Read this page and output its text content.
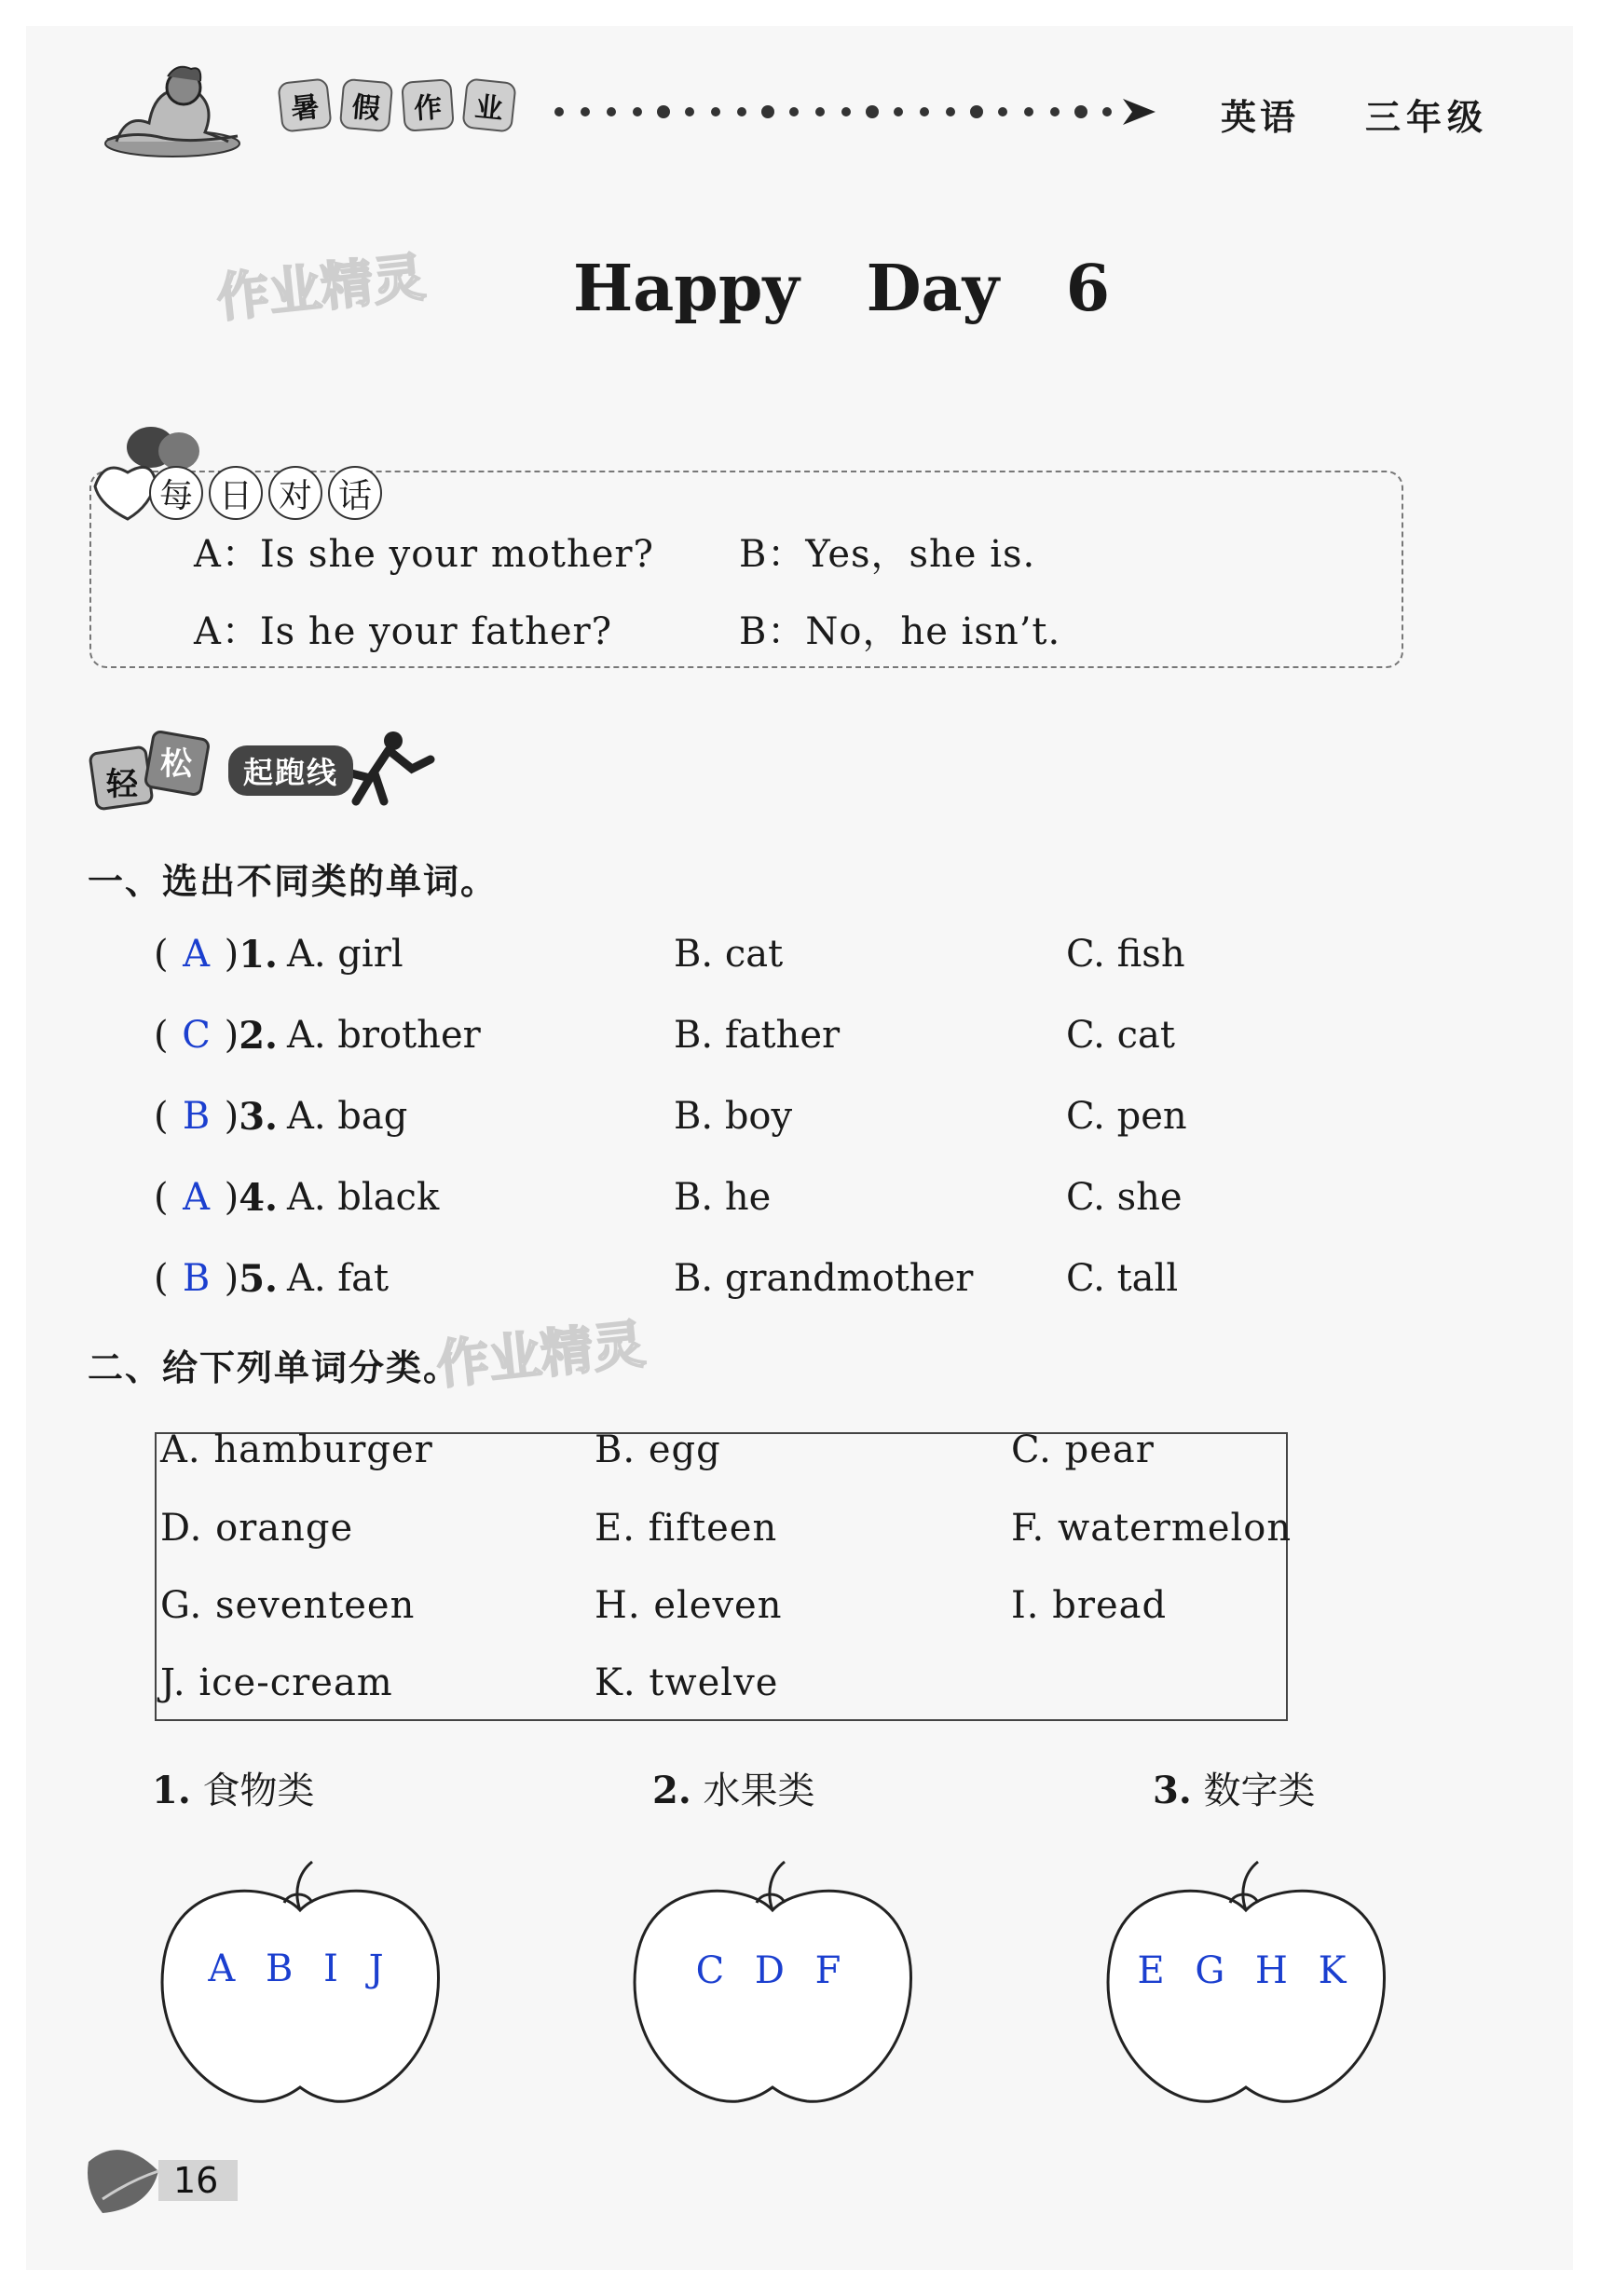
暑	假	作	业	英语 三年级
作业精灵
作业精灵
Happy Day 6
每 日 对 话
A：Is she your mother? B：Yes，she is.
A：Is he your father?	B：No，he isn’t.
轻
松	起跑线
一、选出不同类的单词。
( A ) 1. A. girl	B. cat	C. fish
( C ) 2. A. brother	B. father	C. cat
( B ) 3. A. bag	B. boy	C. pen
( A ) 4. A. black	B. he	C. she
( B ) 5. A. fat	B. grandmother C. tall
二、给下列单词分类。
A. hamburger	B. egg	C. pear
D. orange	E. fifteen	F. watermelon
G. seventeen	H. eleven	I. bread
J. ice-cream	K. twelve
1. 食物类	2. 水果类	3. 数字类
A B I J	C D F	E G H K
16
